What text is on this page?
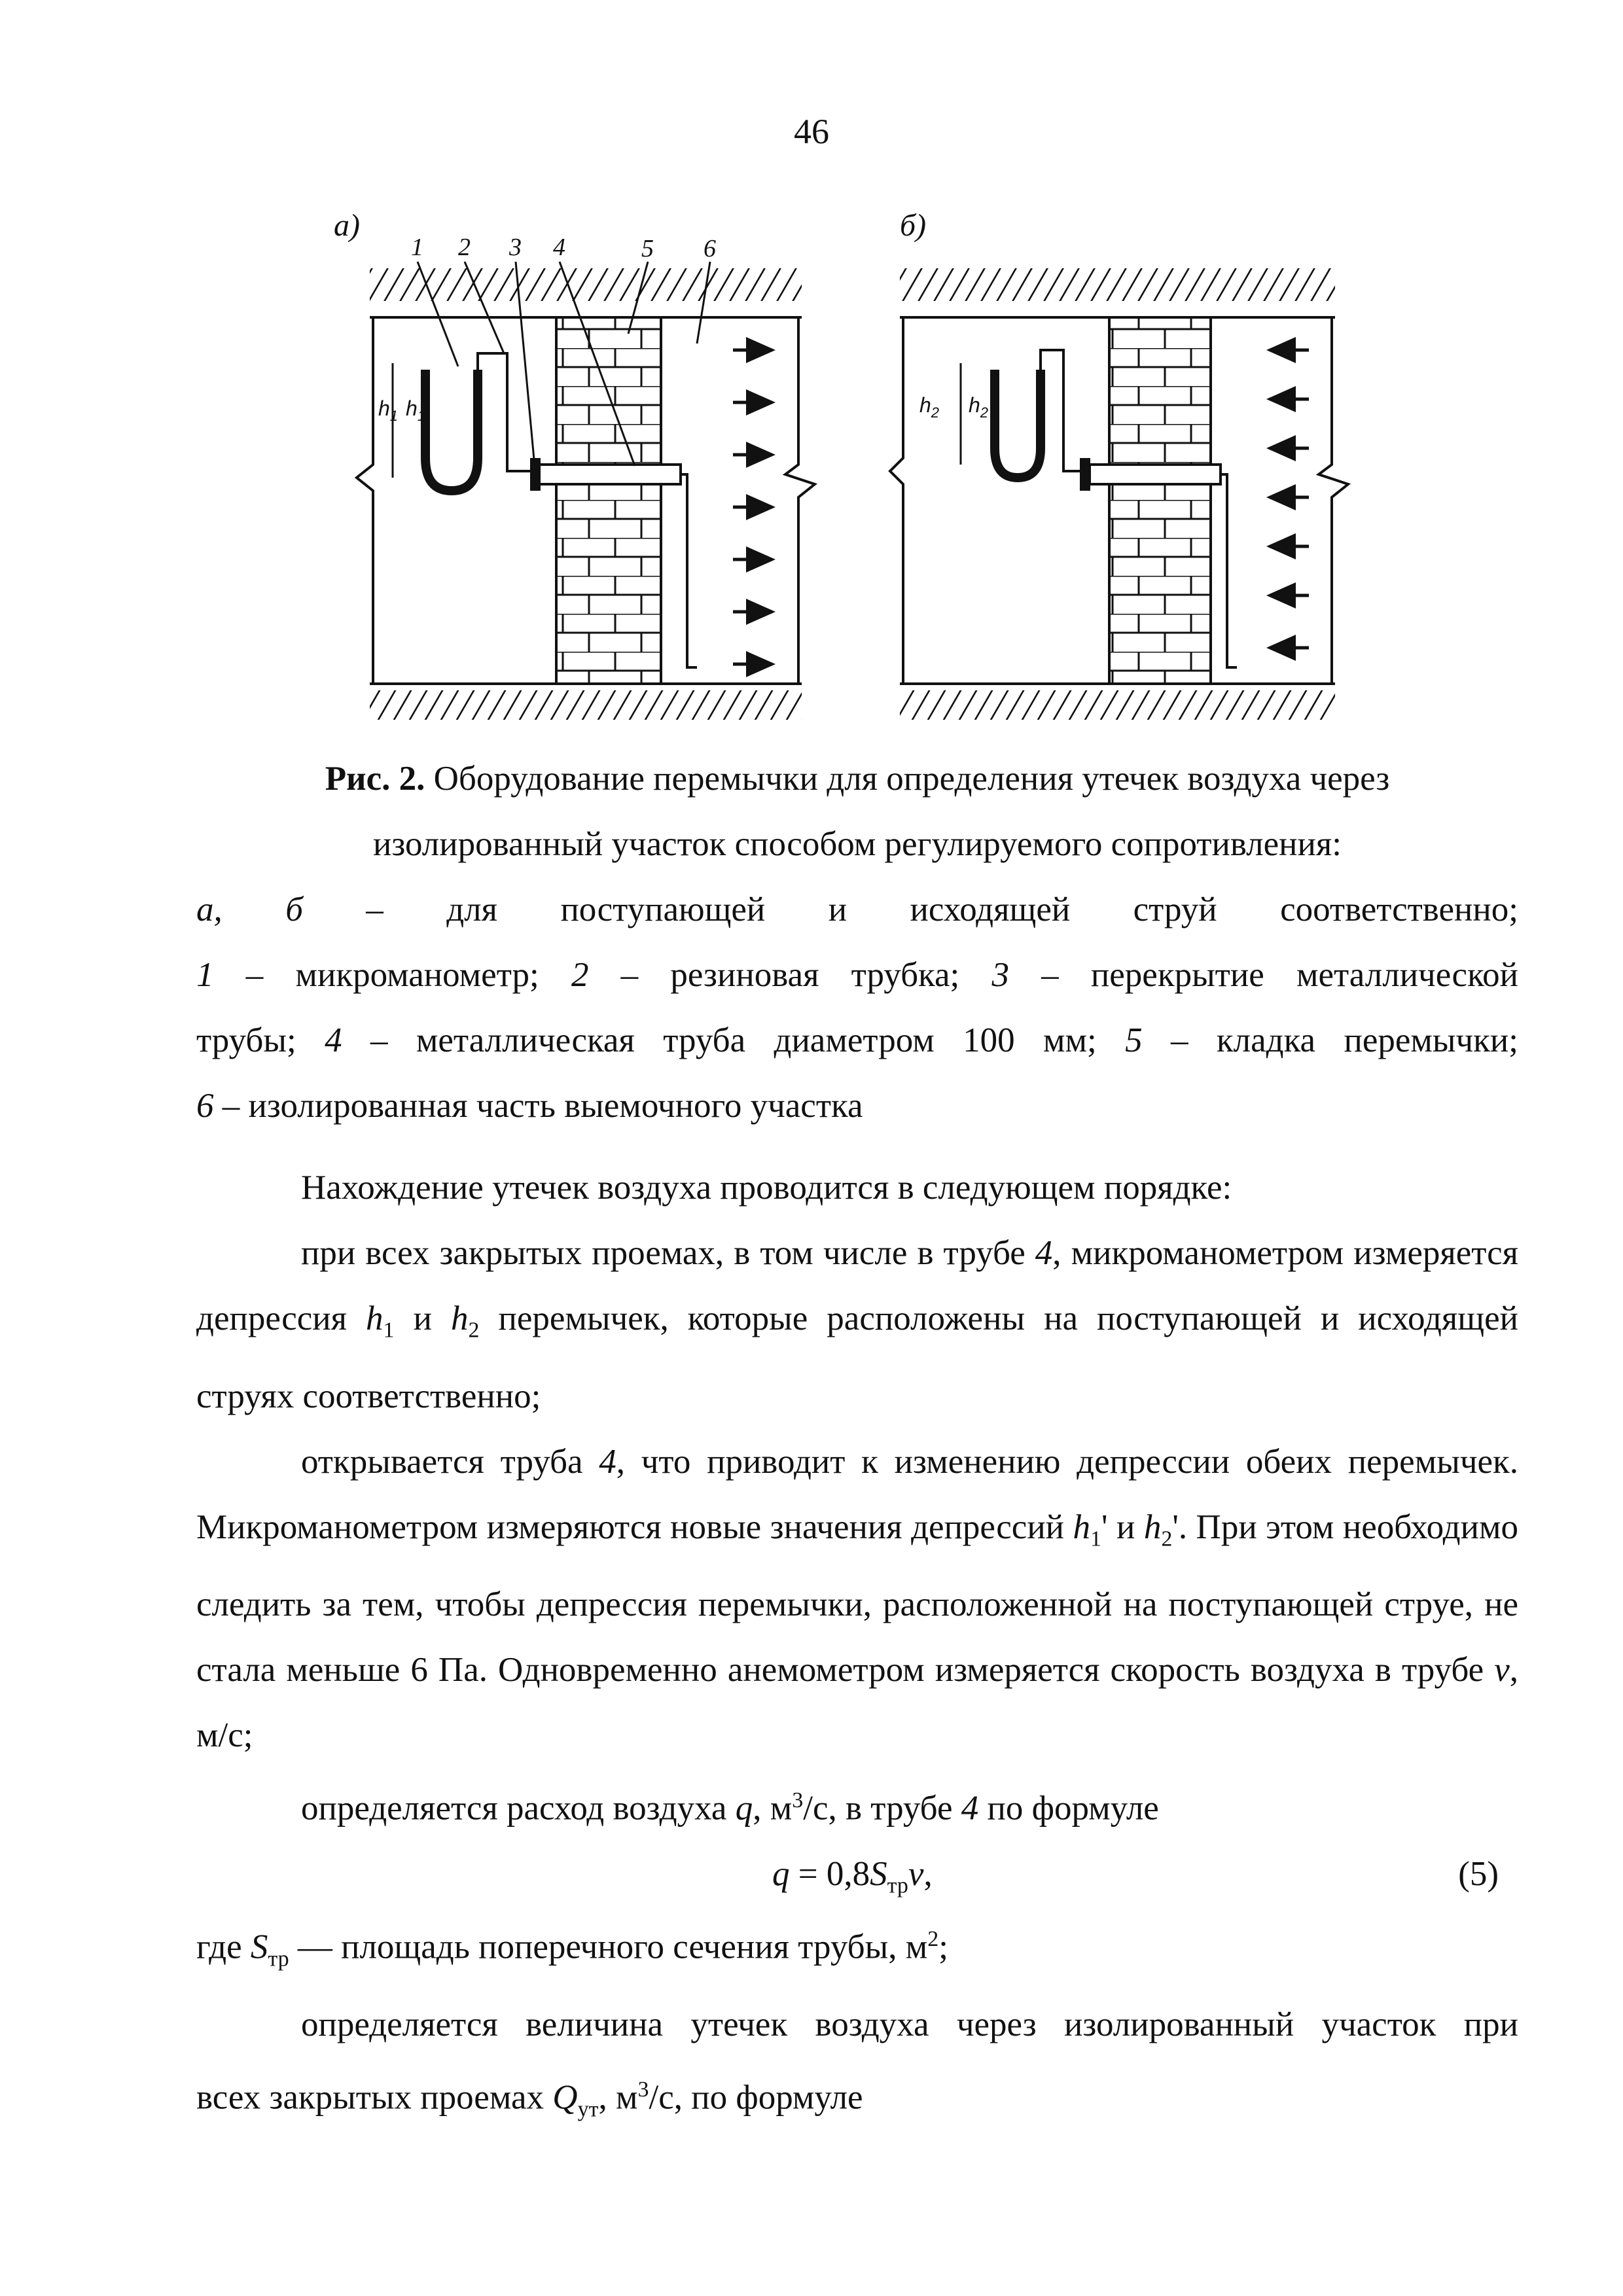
46
а)
1 2 3 4	5 6
$h_1$ $h_1$
б)
$h_2$ $h_2$
Рис. 2. Оборудование перемычки для определения утечек воздуха через
изолированный участок способом регулируемого сопротивления:
а, б – для поступающей и исходящей струй соответственно;
1 – микроманометр; 2 – резиновая трубка; 3 – перекрытие металлической
трубы; 4 – металлическая труба диаметром 100 мм; 5 – кладка перемычки;
6 – изолированная часть выемочного участка

Нахождение утечек воздуха проводится в следующем порядке:

при всех закрытых проемах, в том числе в трубе 4, микроманометром измеряется депрессия $h_1$ и $h_2$ перемычек, которые расположены на поступающей и исходящей струях соответственно;

открывается труба 4, что приводит к изменению депрессии обеих перемычек. Микроманометром измеряются новые значения депрессий $h_1'$ и $h_2'$. При этом необходимо следить за тем, чтобы депрессия перемычки, расположенной на поступающей струе, не стала меньше 6 Па. Одновременно анемометром измеряется скорость воздуха в трубе v, м/с;

определяется расход воздуха q, $м^3/с$, в трубе 4 по формуле

$q = 0,8S_{тр}v$,	(5)

где $S_{тр}$ — площадь поперечного сечения трубы, $м^2$;

определяется величина утечек воздуха через изолированный участок при

всех закрытых проемах $Q_{ут}$, $м^3/с$, по формуле
